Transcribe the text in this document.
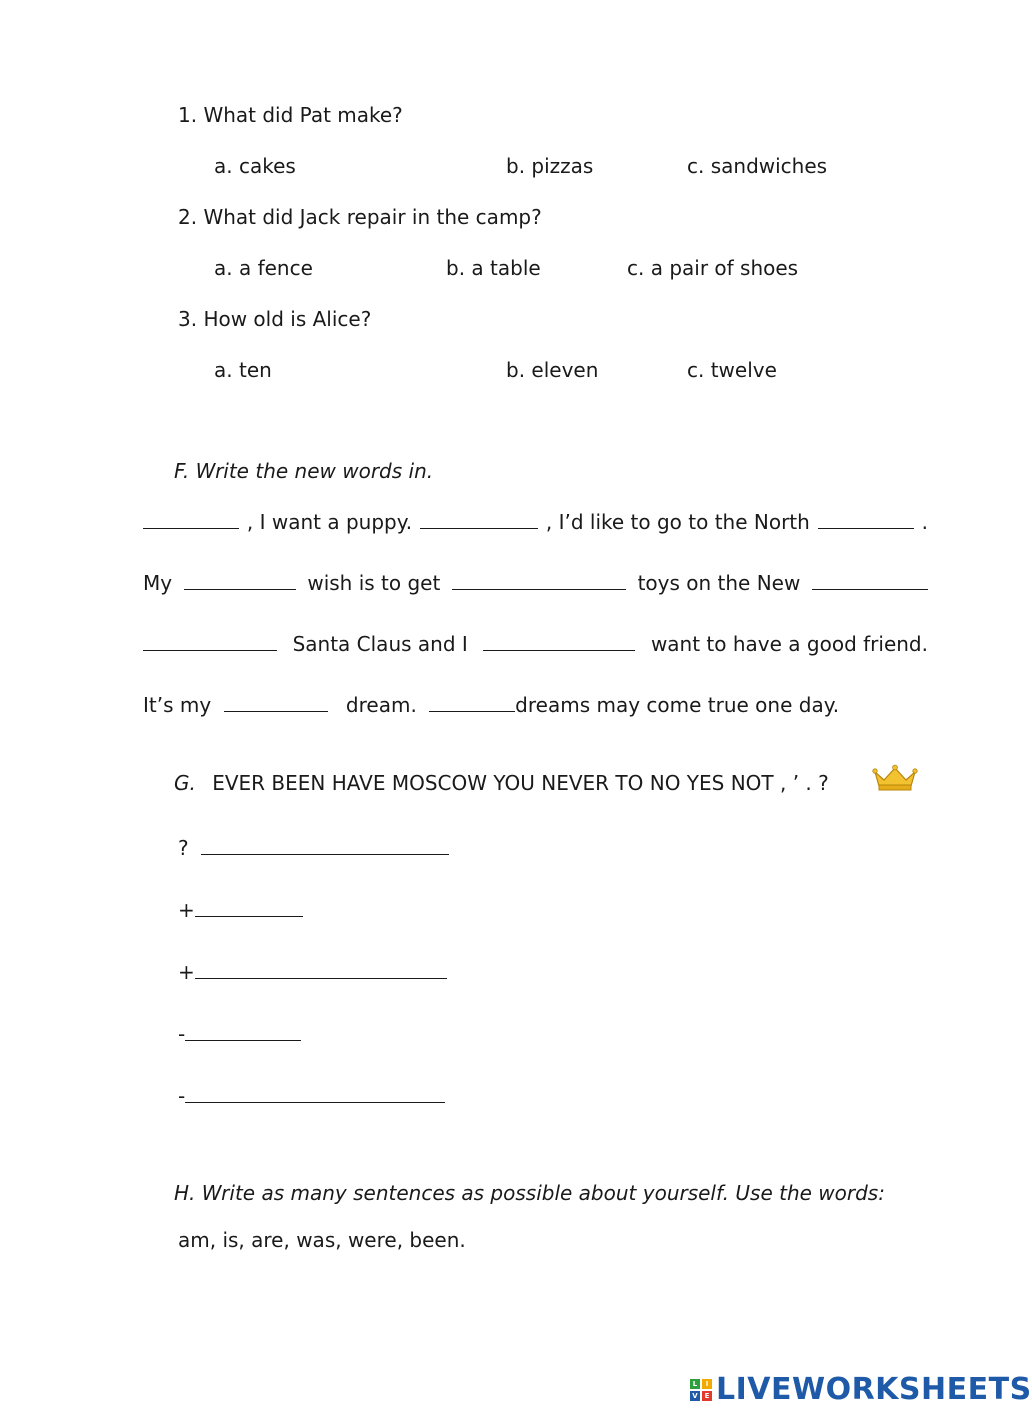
1. What did Pat make?
a. cakes	b. pizzas	c. sandwiches
2. What did Jack repair in the camp?
a. a fence	b. a table	c. a pair of shoes
3. How old is Alice?
a. ten	b. eleven	c. twelve
F. Write the new words in.
, I want a puppy.	, I’d like to go to the North	.
My	wish is to get	toys on the New
Santa Claus and I	want to have a good friend.
It’s my	dream.	dreams may come true one day.
G. EVER BEEN HAVE MOSCOW YOU NEVER TO NO YES NOT , ’ . ?
?
+
+
-
-
H. Write as many sentences as possible about yourself. Use the words:
am, is, are, was, were, been.
L	I
V E LIVEWORKSHEETS
